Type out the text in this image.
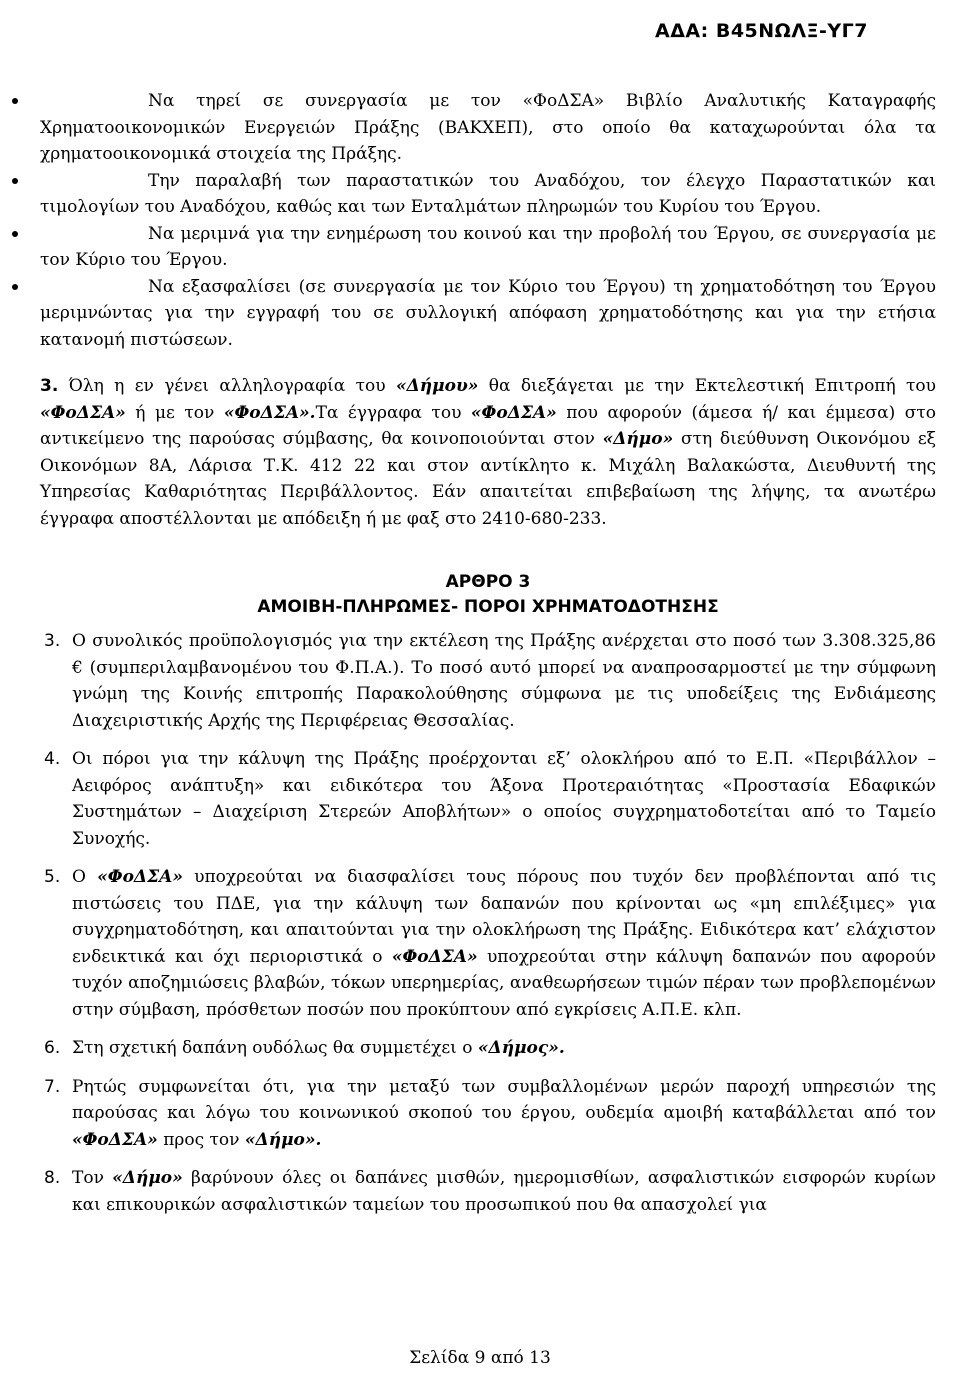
ΑΔΑ: Β45ΝΩΛΞ-ΥΓ7
Να τηρεί σε συνεργασία με τον «ΦοΔΣΑ» Βιβλίο Αναλυτικής Καταγραφής Χρηματοοικονομικών Ενεργειών Πράξης (ΒΑΚΧΕΠ), στο οποίο θα καταχωρούνται όλα τα χρηματοοικονομικά στοιχεία της Πράξης.
Την παραλαβή των παραστατικών του Αναδόχου, τον έλεγχο Παραστατικών και τιμολογίων του Αναδόχου, καθώς και των Ενταλμάτων πληρωμών του Κυρίου του Έργου.
Να μεριμνά για την ενημέρωση του κοινού και την προβολή του Έργου, σε συνεργασία με τον Κύριο του Έργου.
Να εξασφαλίσει (σε συνεργασία με τον Κύριο του Έργου) τη χρηματοδότηση του Έργου μεριμνώντας για την εγγραφή του σε συλλογική απόφαση χρηματοδότησης και για την ετήσια κατανομή πιστώσεων.

3. Όλη η εν γένει αλληλογραφία του «Δήμου» θα διεξάγεται με την Εκτελεστική Επιτροπή του «ΦοΔΣΑ» ή με τον «ΦοΔΣΑ».Τα έγγραφα του «ΦοΔΣΑ» που αφορούν (άμεσα ή/ και έμμεσα) στο αντικείμενο της παρούσας σύμβασης, θα κοινοποιούνται στον «Δήμο» στη διεύθυνση Οικονόμου εξ Οικονόμων 8Α, Λάρισα Τ.Κ. 412 22 και στον αντίκλητο κ. Μιχάλη Βαλακώστα, Διευθυντή της Υπηρεσίας Καθαριότητας Περιβάλλοντος. Εάν απαιτείται επιβεβαίωση της λήψης, τα ανωτέρω έγγραφα αποστέλλονται με απόδειξη ή με φαξ στο 2410-680-233.

ΑΡΘΡΟ 3
ΑΜΟΙΒΗ-ΠΛΗΡΩΜΕΣ- ΠΟΡΟΙ ΧΡΗΜΑΤΟΔΟΤΗΣΗΣ
3. Ο συνολικός προϋπολογισμός για την εκτέλεση της Πράξης ανέρχεται στο ποσό των 3.308.325,86 € (συμπεριλαμβανομένου του Φ.Π.Α.). Το ποσό αυτό μπορεί να αναπροσαρμοστεί με την σύμφωνη γνώμη της Κοινής επιτροπής Παρακολούθησης σύμφωνα με τις υποδείξεις της Ενδιάμεσης Διαχειριστικής Αρχής της Περιφέρειας Θεσσαλίας.
4. Οι πόροι για την κάλυψη της Πράξης προέρχονται εξ’ ολοκλήρου από το Ε.Π. «Περιβάλλον – Αειφόρος ανάπτυξη» και ειδικότερα του Άξονα Προτεραιότητας «Προστασία Εδαφικών Συστημάτων – Διαχείριση Στερεών Αποβλήτων» ο οποίος συγχρηματοδοτείται από το Ταμείο Συνοχής.
5. Ο «ΦοΔΣΑ» υποχρεούται να διασφαλίσει τους πόρους που τυχόν δεν προβλέπονται από τις πιστώσεις του ΠΔΕ, για την κάλυψη των δαπανών που κρίνονται ως «μη επιλέξιμες» για συγχρηματοδότηση, και απαιτούνται για την ολοκλήρωση της Πράξης. Ειδικότερα κατ’ ελάχιστον ενδεικτικά και όχι περιοριστικά ο «ΦοΔΣΑ» υποχρεούται στην κάλυψη δαπανών που αφορούν τυχόν αποζημιώσεις βλαβών, τόκων υπερημερίας, αναθεωρήσεων τιμών πέραν των προβλεπομένων στην σύμβαση, πρόσθετων ποσών που προκύπτουν από εγκρίσεις Α.Π.Ε. κλπ.
6. Στη σχετική δαπάνη ουδόλως θα συμμετέχει ο «Δήμος».
7. Ρητώς συμφωνείται ότι, για την μεταξύ των συμβαλλομένων μερών παροχή υπηρεσιών της παρούσας και λόγω του κοινωνικού σκοπού του έργου, ουδεμία αμοιβή καταβάλλεται από τον «ΦοΔΣΑ» προς τον «Δήμο».
8. Τον «Δήμο» βαρύνουν όλες οι δαπάνες μισθών, ημερομισθίων, ασφαλιστικών εισφορών κυρίων και επικουρικών ασφαλιστικών ταμείων του προσωπικού που θα απασχολεί για
Σελίδα 9 από 13
